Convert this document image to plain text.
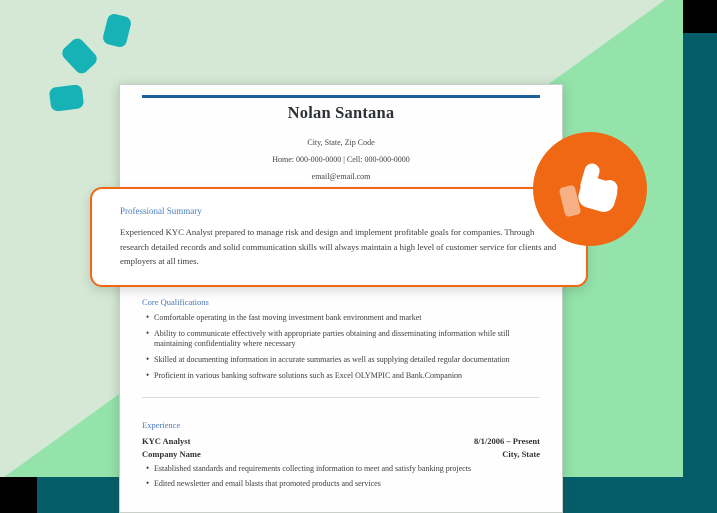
Nolan Santana
City, State, Zip Code
Home: 000-000-0000 | Cell: 000-000-0000
email@email.com
Core Qualifications
• Comfortable operating in the fast moving investment bank environment and market
• Ability to communicate effectively with appropriate parties obtaining and disseminating information while still maintaining confidentiality where necessary
• Skilled at documenting information in accurate summaries as well as supplying detailed regular documentation
• Proficient in various banking software solutions such as Excel OLYMPIC and Bank.Companion
Experience
KYC Analyst	8/1/2006 – Present
Company Name	City, State
• Established standards and requirements collecting information to meet and satisfy banking projects
• Edited newsletter and email blasts that promoted products and services
Professional Summary
Experienced KYC Analyst prepared to manage risk and design and implement profitable goals for companies. Through research detailed records and solid communication skills will always maintain a high level of customer service for clients and employers at all times.
